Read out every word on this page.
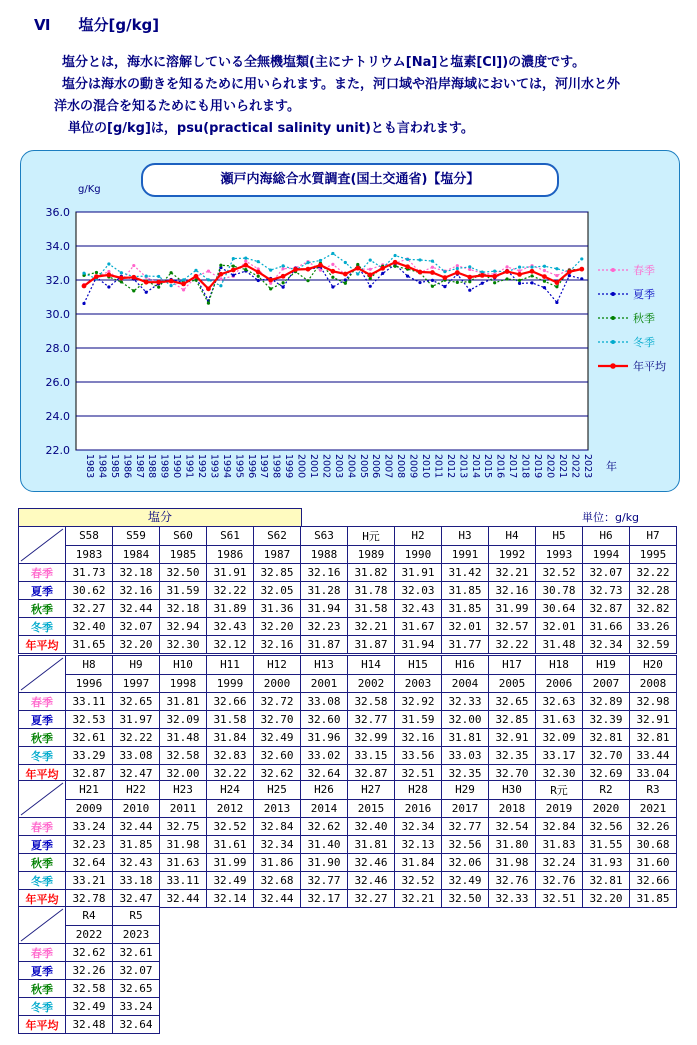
Ⅵ 塩分[g/kg]
塩分とは，海水に溶解している全無機塩類(主にナトリウム[Na]と塩素[Cl])の濃度です。
塩分は海水の動きを知るために用いられます。また，河口域や沿岸海域においては，河川水と外
洋水の混合を知るためにも用いられます。
単位の[g/kg]は，psu(practical salinity unit)とも言われます。
瀬戸内海総合水質調査(国土交通省)【塩分】
22.0
24.0
26.0
28.0
30.0
32.0
34.0
36.0
g/Kg
1983 1984 1985 1986 1987 1988 1989 1990 1991 1992 1993 1994 1995 1996 1997 1998 1999 2000 2001 2002 2003 2004 2005 2006 2007 2008 2009 2010 2011 2012 2013 2014 2015 2016 2017 2018 2019 2020 2021 2022 2023 年
春季
夏季
秋季
冬季
年平均
塩分	単位：g/kg
	S58	S59	S60	S61	S62	S63	H元	H2	H3	H4	H5	H6	H7
	1983	1984	1985	1986	1987	1988	1989	1990	1991	1992	1993	1994	1995
春季	31.73	32.18	32.50	31.91	32.85	32.16	31.82	31.91	31.42	32.21	32.52	32.07	32.22
夏季	30.62	32.16	31.59	32.22	32.05	31.28	31.78	32.03	31.85	32.16	30.78	32.73	32.28
秋季	32.27	32.44	32.18	31.89	31.36	31.94	31.58	32.43	31.85	31.99	30.64	32.87	32.82
冬季	32.40	32.07	32.94	32.43	32.20	32.23	32.21	31.67	32.01	32.57	32.01	31.66	33.26
年平均	31.65	32.20	32.30	32.12	32.16	31.87	31.87	31.94	31.77	32.22	31.48	32.34	32.59
	H8	H9	H10	H11	H12	H13	H14	H15	H16	H17	H18	H19	H20
	1996	1997	1998	1999	2000	2001	2002	2003	2004	2005	2006	2007	2008
春季	33.11	32.65	31.81	32.66	32.72	33.08	32.58	32.92	32.33	32.65	32.63	32.89	32.98
夏季	32.53	31.97	32.09	31.58	32.70	32.60	32.77	31.59	32.00	32.85	31.63	32.39	32.91
秋季	32.61	32.22	31.48	31.84	32.49	31.96	32.99	32.16	31.81	32.91	32.09	32.81	32.81
冬季	33.29	33.08	32.58	32.83	32.60	33.02	33.15	33.56	33.03	32.35	33.17	32.70	33.44
年平均	32.87	32.47	32.00	32.22	32.62	32.64	32.87	32.51	32.35	32.70	32.30	32.69	33.04
	H21	H22	H23	H24	H25	H26	H27	H28	H29	H30	R元	R2	R3
	2009	2010	2011	2012	2013	2014	2015	2016	2017	2018	2019	2020	2021
春季	33.24	32.44	32.75	32.52	32.84	32.62	32.40	32.34	32.77	32.54	32.84	32.56	32.26
夏季	32.23	31.85	31.98	31.61	32.34	31.40	31.81	32.13	32.56	31.80	31.83	31.55	30.68
秋季	32.64	32.43	31.63	31.99	31.86	31.90	32.46	31.84	32.06	31.98	32.24	31.93	31.60
冬季	33.21	33.18	33.11	32.49	32.68	32.77	32.46	32.52	32.49	32.76	32.76	32.81	32.66
年平均	32.78	32.47	32.44	32.14	32.44	32.17	32.27	32.21	32.50	32.33	32.51	32.20	31.85
	R4	R5
	2022	2023
春季	32.62	32.61
夏季	32.26	32.07
秋季	32.58	32.65
冬季	32.49	33.24
年平均	32.48	32.64
